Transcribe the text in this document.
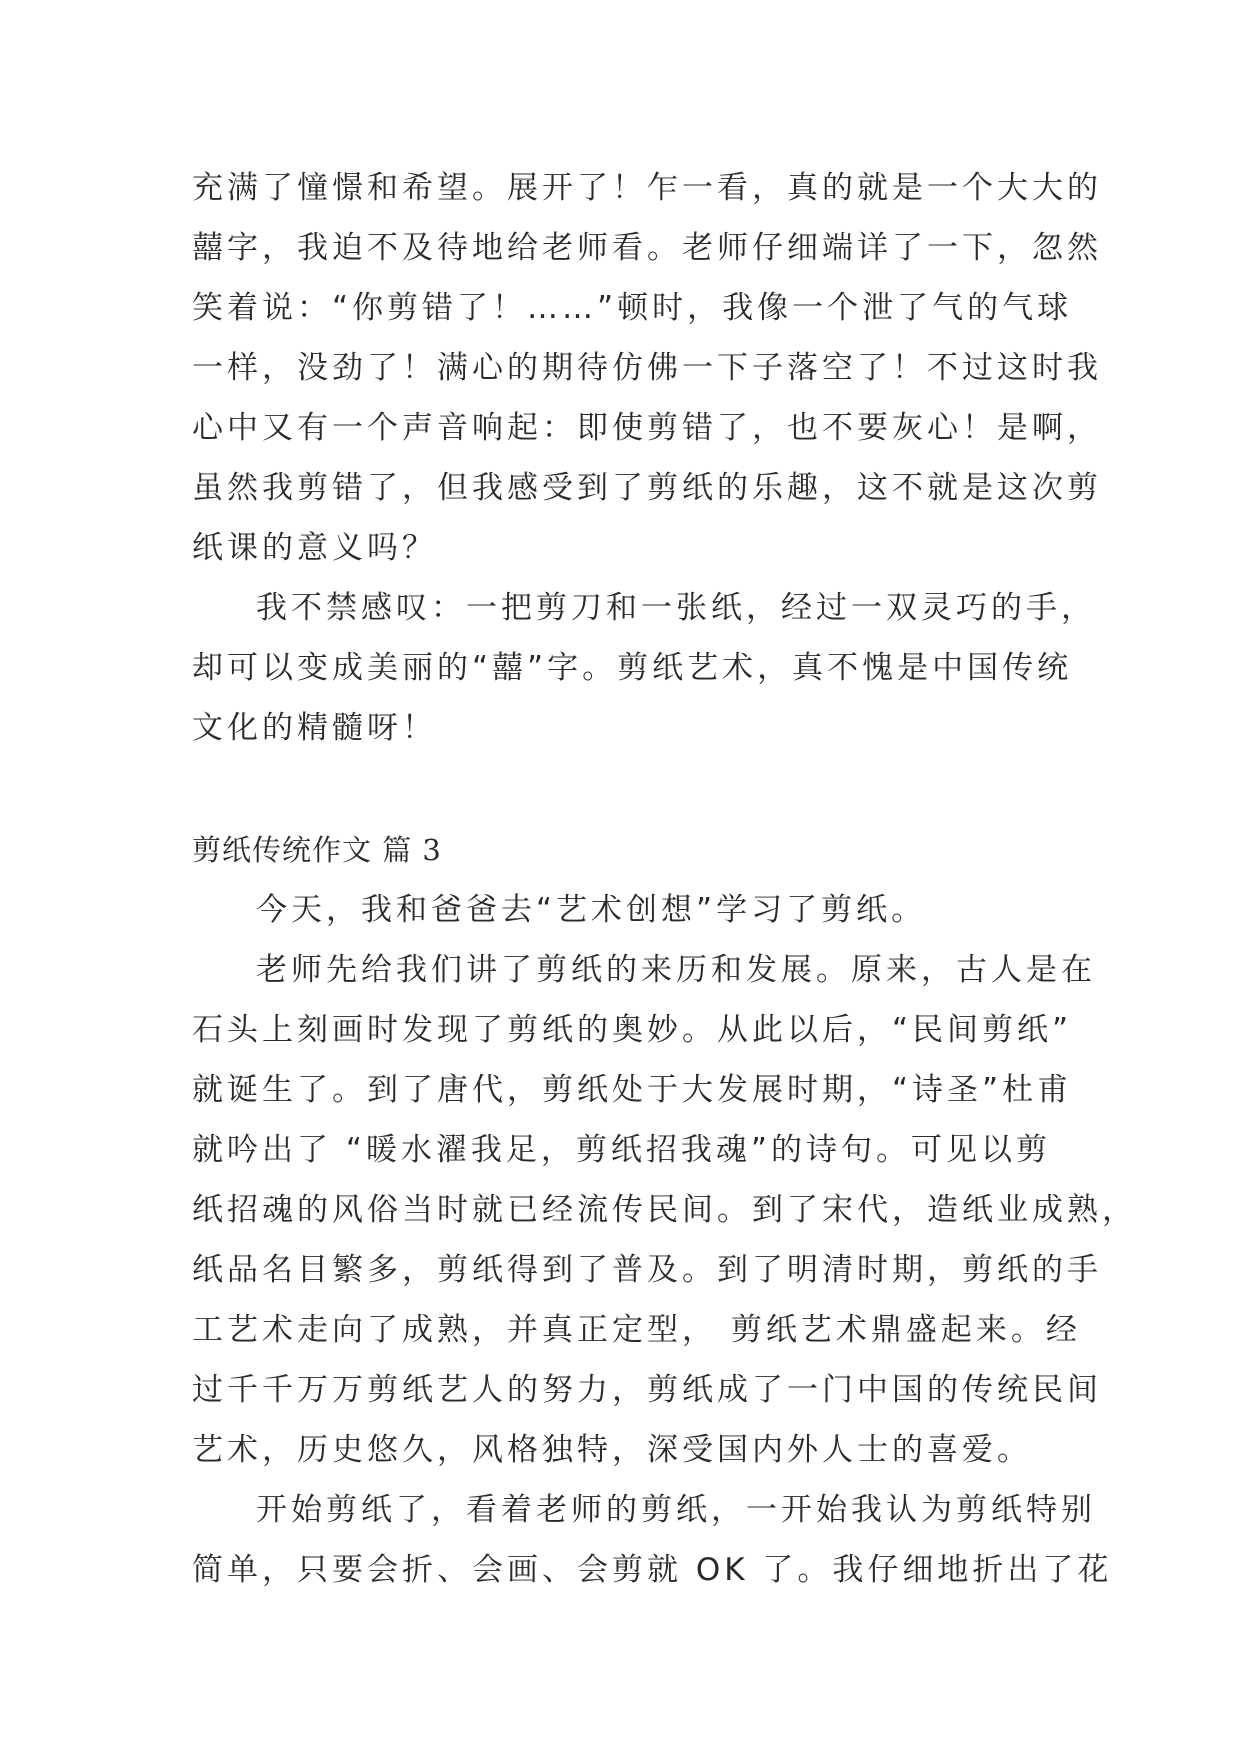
充满了憧憬和希望。展开了！乍一看，真的就是一个大大的
囍字，我迫不及待地给老师看。老师仔细端详了一下，忽然
笑着说：“你剪错了！……”顿时，我像一个泄了气的气球
一样，没劲了！满心的期待仿佛一下子落空了！不过这时我
心中又有一个声音响起：即使剪错了，也不要灰心！是啊，
虽然我剪错了，但我感受到了剪纸的乐趣，这不就是这次剪
纸课的意义吗？
我不禁感叹：一把剪刀和一张纸，经过一双灵巧的手，
却可以变成美丽的“囍”字。剪纸艺术，真不愧是中国传统
文化的精髓呀！
剪纸传统作文 篇 3
今天，我和爸爸去“艺术创想”学习了剪纸。
老师先给我们讲了剪纸的来历和发展。原来，古人是在
石头上刻画时发现了剪纸的奥妙。从此以后，“民间剪纸”
就诞生了。到了唐代，剪纸处于大发展时期，“诗圣”杜甫
就吟出了 “暖水濯我足，剪纸招我魂”的诗句。可见以剪
纸招魂的风俗当时就已经流传民间。到了宋代，造纸业成熟，
纸品名目繁多，剪纸得到了普及。到了明清时期，剪纸的手
工艺术走向了成熟，并真正定型， 剪纸艺术鼎盛起来。经
过千千万万剪纸艺人的努力，剪纸成了一门中国的传统民间
艺术，历史悠久，风格独特，深受国内外人士的喜爱。
开始剪纸了，看着老师的剪纸，一开始我认为剪纸特别
简单，只要会折、会画、会剪就 OK 了。我仔细地折出了花
